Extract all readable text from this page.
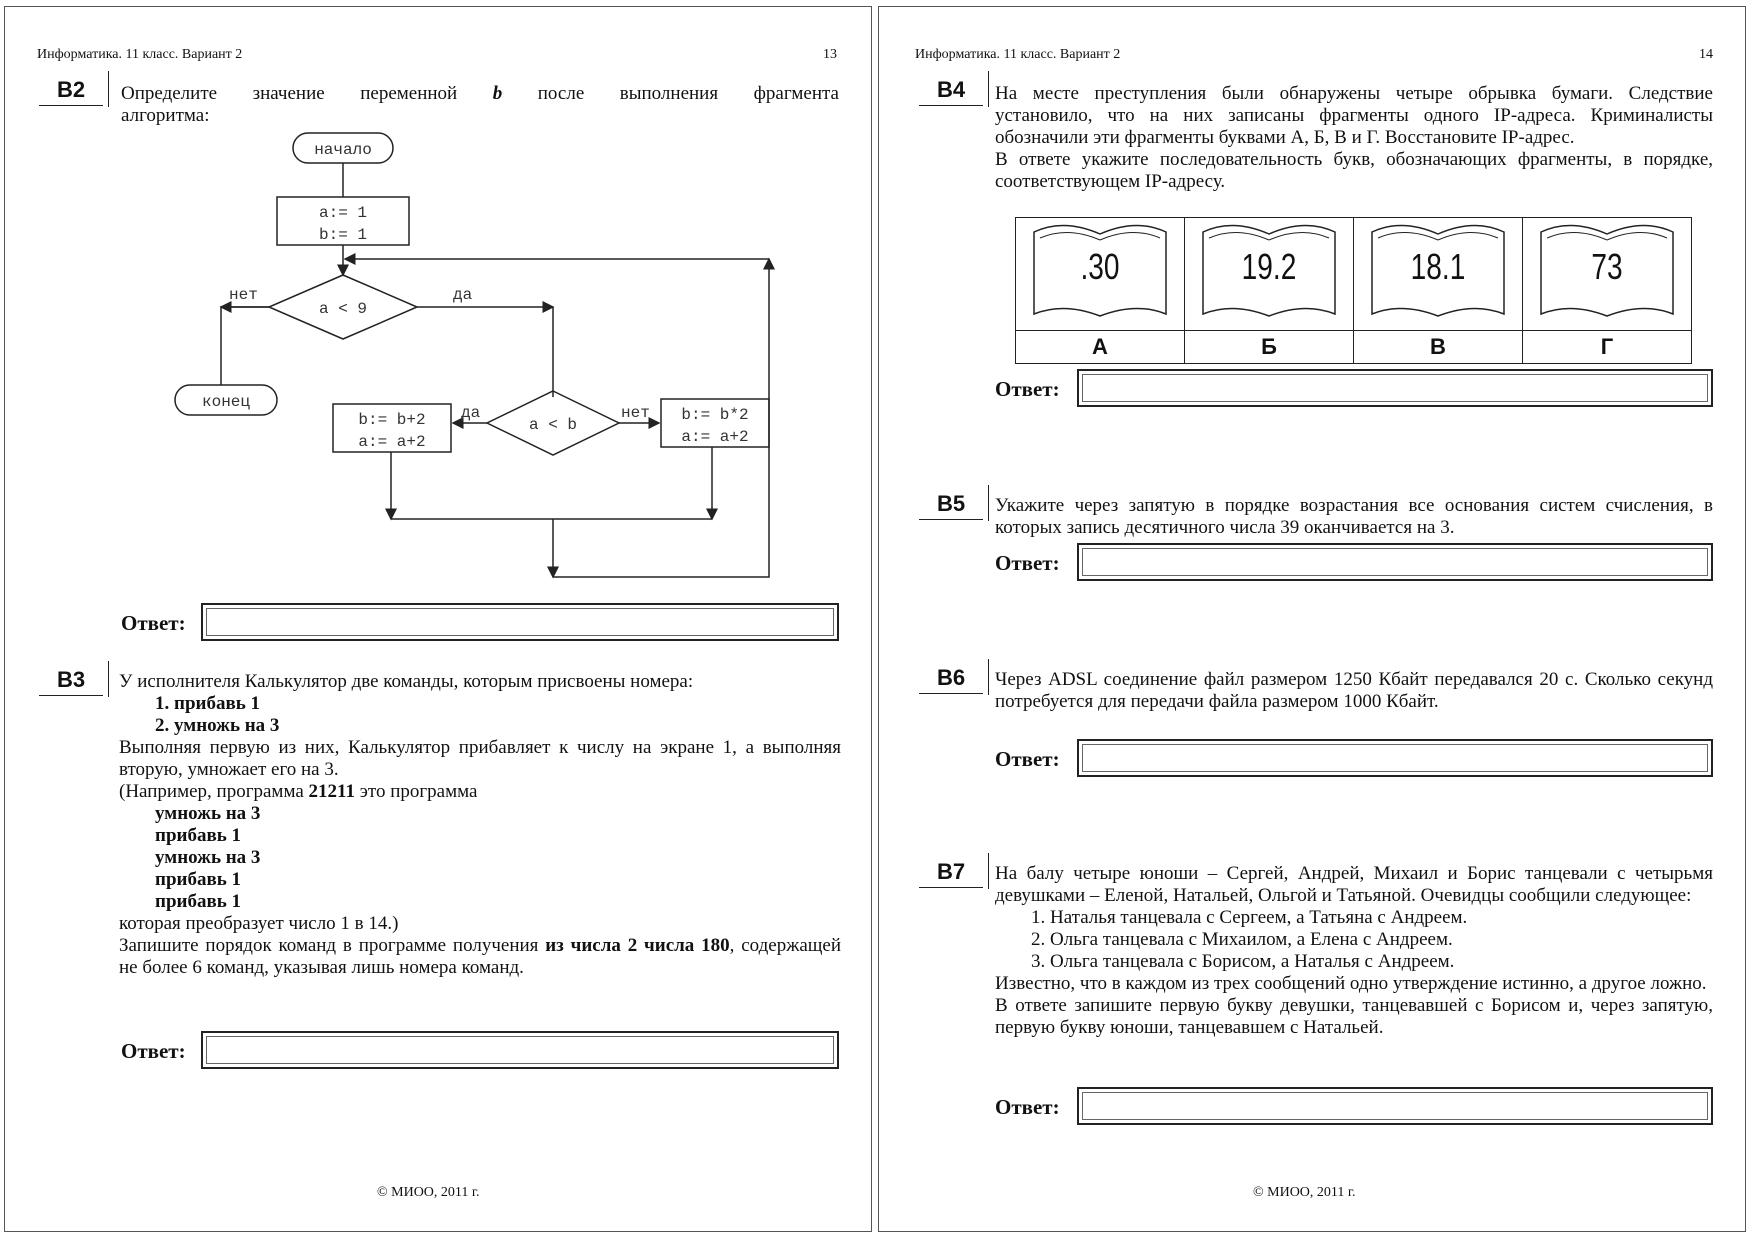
Информатика. 11 класс. Вариант 2	13
B2	Определите значение переменной b после выполнения фрагмента

алгоритма:

начало
a:= 1
b:= 1
a < 9
нет	да
конец
a < b
да	нет
b:= b+2
a:= a+2
b:= b*2
a:= a+2
Ответ:
B3	У исполнителя Калькулятор две команды, которым присвоены номера:

1. прибавь 1

2. умножь на 3

Выполняя первую из них, Калькулятор прибавляет к числу на экране 1, а выполняя вторую, умножает его на 3.

(Например, программа 21211 это программа

умножь на 3

прибавь 1

умножь на 3

прибавь 1

прибавь 1

которая преобразует число 1 в 14.)

Запишите порядок команд в программе получения из числа 2 числа 180, содержащей не более 6 команд, указывая лишь номера команд.

Ответ:
© МИОО, 2011 г.
Информатика. 11 класс. Вариант 2	14
B4	На месте преступления были обнаружены четыре обрывка бумаги. Следствие установило, что на них записаны фрагменты одного IP-адреса. Криминалисты обозначили эти фрагменты буквами А, Б, В и Г. Восстановите IP-адрес.

В ответе укажите последовательность букв, обозначающих фрагменты, в порядке, соответствующем IP-адресу.

.30	19.2	18.1	73

А	Б	В	Г
Ответ:
B5	Укажите через запятую в порядке возрастания все основания систем счисления, в которых запись десятичного числа 39 оканчивается на 3.
Ответ:
B6	Через ADSL соединение файл размером 1250 Кбайт передавался 20 с. Сколько секунд потребуется для передачи файла размером 1000 Кбайт.
Ответ:
B7	На балу четыре юноши – Сергей, Андрей, Михаил и Борис танцевали с четырьмя девушками – Еленой, Натальей, Ольгой и Татьяной. Очевидцы сообщили следующее:

1. Наталья танцевала с Сергеем, а Татьяна с Андреем.

2. Ольга танцевала с Михаилом, а Елена с Андреем.

3. Ольга танцевала с Борисом, а Наталья с Андреем.

Известно, что в каждом из трех сообщений одно утверждение истинно, а другое ложно.

В ответе запишите первую букву девушки, танцевавшей с Борисом и, через запятую, первую букву юноши, танцевавшем с Натальей.

Ответ:
© МИОО, 2011 г.
